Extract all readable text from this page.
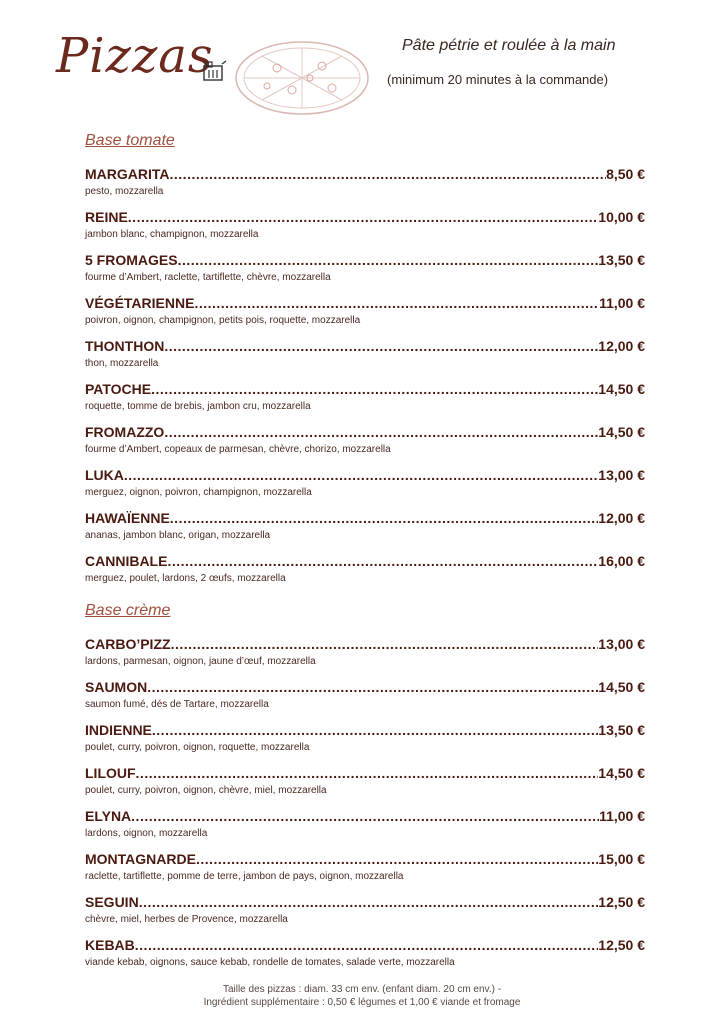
Pizzas	Pâte pétrie et roulée à la main
(minimum 20 minutes à la commande)
Base tomate
MARGARITA .....	8,50 €
pesto, mozzarella
REINE .....	10,00 €
jambon blanc, champignon, mozzarella
5 FROMAGES .....	13,50 €
fourme d’Ambert, raclette, tartiflette, chèvre, mozzarella
VÉGÉTARIENNE .....	11,00 €
poivron, oignon, champignon, petits pois, roquette, mozzarella
THONTHON .....	12,00 €
thon, mozzarella
PATOCHE .....	14,50 €
roquette, tomme de brebis, jambon cru, mozzarella
FROMAZZO .....	14,50 €
fourme d’Ambert, copeaux de parmesan, chèvre, chorizo, mozzarella
LUKA .....	13,00 €
merguez, oignon, poivron, champignon, mozzarella
HAWAÏENNE .....	12,00 €
ananas, jambon blanc, origan, mozzarella
CANNIBALE .....	16,00 €
merguez, poulet, lardons, 2 œufs, mozzarella
Base crème
CARBO’PIZZ .....	13,00 €
lardons, parmesan, oignon, jaune d’œuf, mozzarella
SAUMON .....	14,50 €
saumon fumé, dés de Tartare, mozzarella
INDIENNE .....	13,50 €
poulet, curry, poivron, oignon, roquette, mozzarella
LILOUF .....	14,50 €
poulet, curry, poivron, oignon, chèvre, miel, mozzarella
ELYNA .....	11,00 €
lardons, oignon, mozzarella
MONTAGNARDE .....	15,00 €
raclette, tartiflette, pomme de terre, jambon de pays, oignon, mozzarella
SEGUIN .....	12,50 €
chèvre, miel, herbes de Provence, mozzarella
KEBAB .....	12,50 €
viande kebab, oignons, sauce kebab, rondelle de tomates, salade verte, mozzarella
Taille des pizzas : diam. 33 cm env. (enfant diam. 20 cm env.) -
Ingrédient supplémentaire : 0,50 € légumes et 1,00 € viande et fromage
